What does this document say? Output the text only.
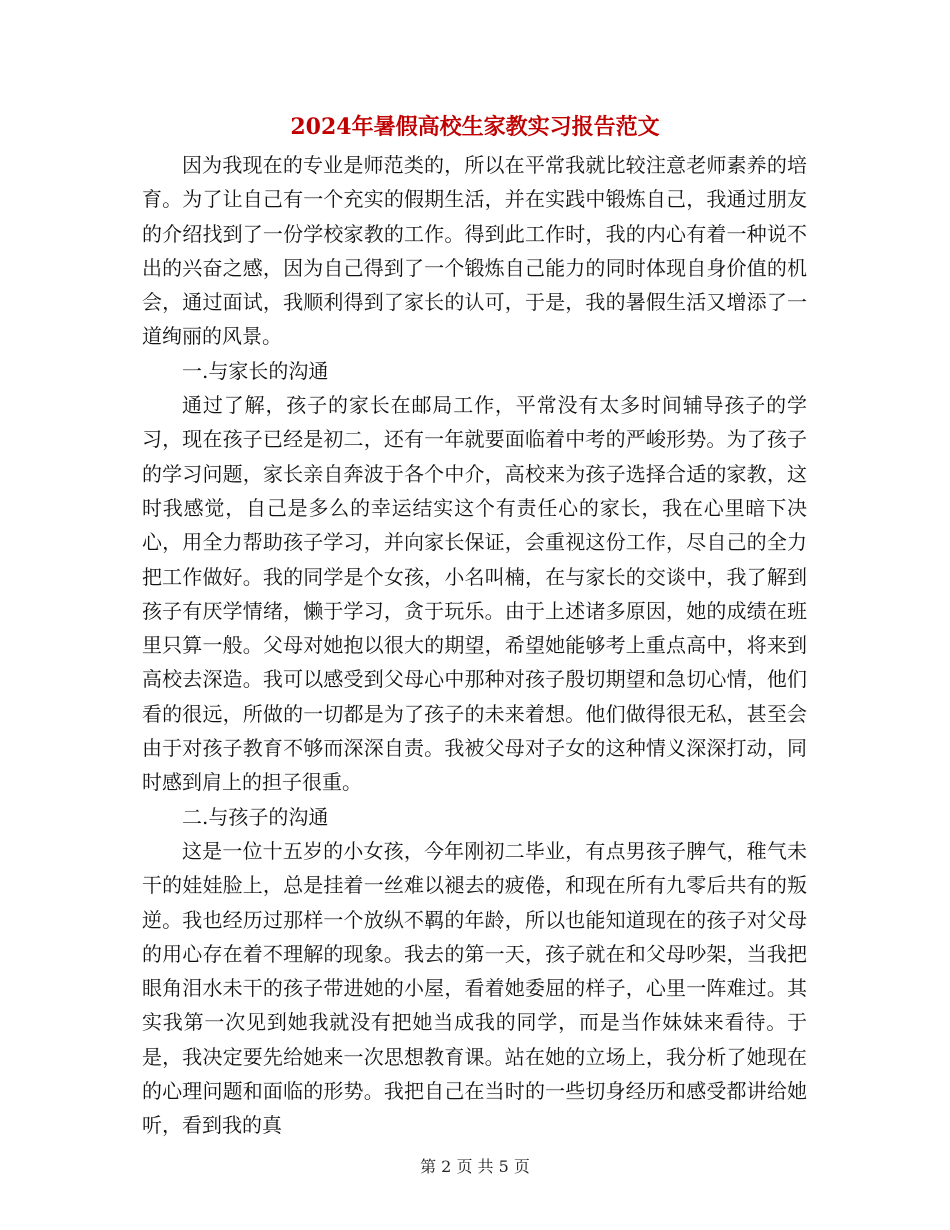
2024年暑假高校生家教实习报告范文

因为我现在的专业是师范类的，所以在平常我就比较注意老师素养的培育。为了让自己有一个充实的假期生活，并在实践中锻炼自己，我通过朋友的介绍找到了一份学校家教的工作。得到此工作时，我的内心有着一种说不出的兴奋之感，因为自己得到了一个锻炼自己能力的同时体现自身价值的机会，通过面试，我顺利得到了家长的认可，于是，我的暑假生活又增添了一道绚丽的风景。

一.与家长的沟通

通过了解，孩子的家长在邮局工作，平常没有太多时间辅导孩子的学习，现在孩子已经是初二，还有一年就要面临着中考的严峻形势。为了孩子的学习问题，家长亲自奔波于各个中介，高校来为孩子选择合适的家教，这时我感觉，自己是多么的幸运结实这个有责任心的家长，我在心里暗下决心，用全力帮助孩子学习，并向家长保证，会重视这份工作，尽自己的全力把工作做好。我的同学是个女孩，小名叫楠，在与家长的交谈中，我了解到孩子有厌学情绪，懒于学习，贪于玩乐。由于上述诸多原因，她的成绩在班里只算一般。父母对她抱以很大的期望，希望她能够考上重点高中，将来到高校去深造。我可以感受到父母心中那种对孩子殷切期望和急切心情，他们看的很远，所做的一切都是为了孩子的未来着想。他们做得很无私，甚至会由于对孩子教育不够而深深自责。我被父母对子女的这种情义深深打动，同时感到肩上的担子很重。

二.与孩子的沟通

这是一位十五岁的小女孩，今年刚初二毕业，有点男孩子脾气，稚气未干的娃娃脸上，总是挂着一丝难以褪去的疲倦，和现在所有九零后共有的叛逆。我也经历过那样一个放纵不羁的年龄，所以也能知道现在的孩子对父母的用心存在着不理解的现象。我去的第一天，孩子就在和父母吵架，当我把眼角泪水未干的孩子带进她的小屋，看着她委屈的样子，心里一阵难过。其实我第一次见到她我就没有把她当成我的同学，而是当作妹妹来看待。于是，我决定要先给她来一次思想教育课。站在她的立场上，我分析了她现在的心理问题和面临的形势。我把自己在当时的一些切身经历和感受都讲给她听，看到我的真

第 2 页 共 5 页
